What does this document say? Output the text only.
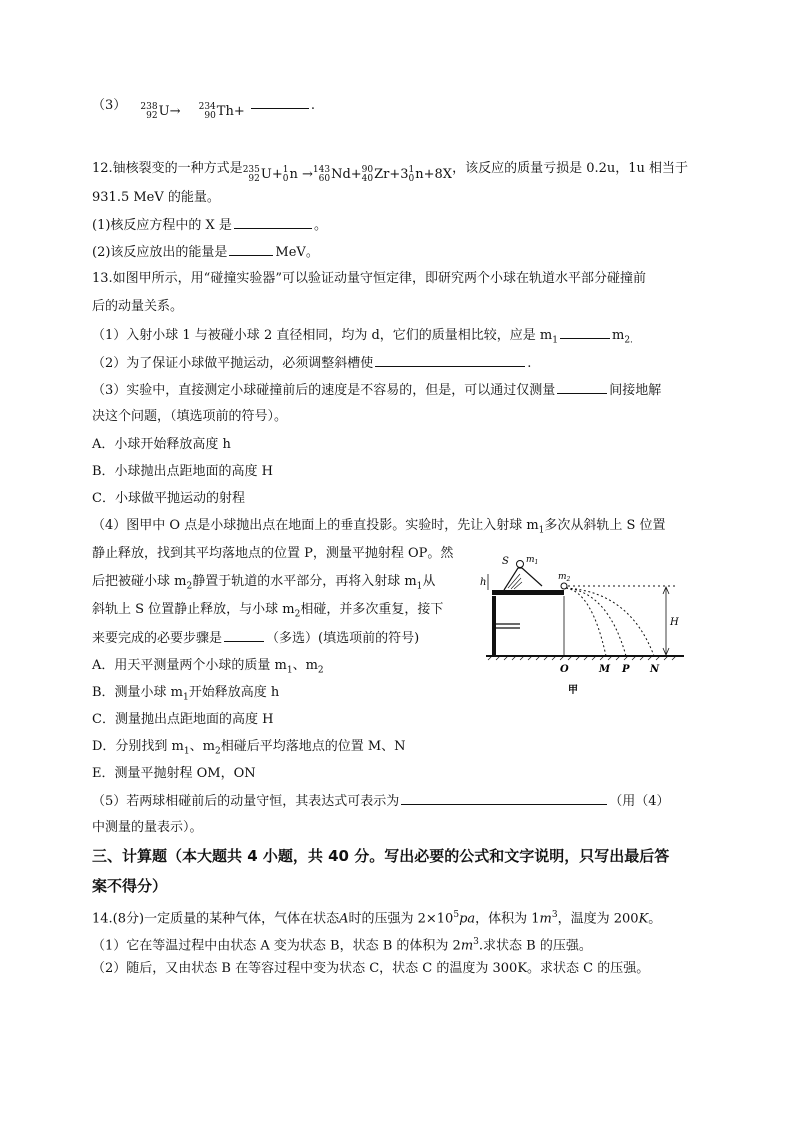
（3） 238
92 U→
234
90 Th+	.
12.铀核裂变的一种方式是 235
92 U+ 1
0 n → 143
60 Nd+ 90
40 Zr+3 1
0 n+8X ，该反应的质量亏损是 0.2u，1u 相当于
931.5 MeV 的能量。
(1)核反应方程中的 X 是	。
(2)该反应放出的能量是	MeV。
13.如图甲所示，用“碰撞实验器”可以验证动量守恒定律，即研究两个小球在轨道水平部分碰撞前
后的动量关系。
（1）入射小球 1 与被碰小球 2 直径相同，均为 d，它们的质量相比较，应是 $m_1$	$m_{2.}$
（2）为了保证小球做平抛运动，必须调整斜槽使	.
（3）实验中，直接测定小球碰撞前后的速度是不容易的，但是，可以通过仅测量	间接地解
决这个问题，（填选项前的符号）。
A．小球开始释放高度 h
B．小球抛出点距地面的高度 H
C．小球做平抛运动的射程
（4）图甲中 O 点是小球抛出点在地面上的垂直投影。实验时，先让入射球 $m_1$多次从斜轨上 S 位置
静止释放，找到其平均落地点的位置 P，测量平抛射程 OP。然
后把被碰小球 $m_2$静置于轨道的水平部分，再将入射球 $m_1$从
斜轨上 S 位置静止释放，与小球 $m_2$相碰，并多次重复，接下
来要完成的必要步骤是	（多选）(填选项前的符号)
A．用天平测量两个小球的质量 $m_1$、$m_2$
B．测量小球 $m_1$开始释放高度 h
C．测量抛出点距地面的高度 H
D．分别找到 $m_1$、$m_2$相碰后平均落地点的位置 M、N
E．测量平抛射程 OM，ON
（5）若两球相碰前后的动量守恒，其表达式可表示为	（用（4）
中测量的量表示）。
S $m_1$
h	$m_2$
H
O	M P N
甲
三、计算题（本大题共 4 小题，共 40 分。写出必要的公式和文字说明，只写出最后答
案不得分）
14.(8分)一定质量的某种气体，气体在状态A时的压强为 $2\times 10^5pa$，体积为 $1m^3$，温度为 200K。
（1）它在等温过程中由状态 A 变为状态 B，状态 B 的体积为 $2m^3$.求状态 B 的压强。
（2）随后，又由状态 B 在等容过程中变为状态 C，状态 C 的温度为 300K。求状态 C 的压强。
